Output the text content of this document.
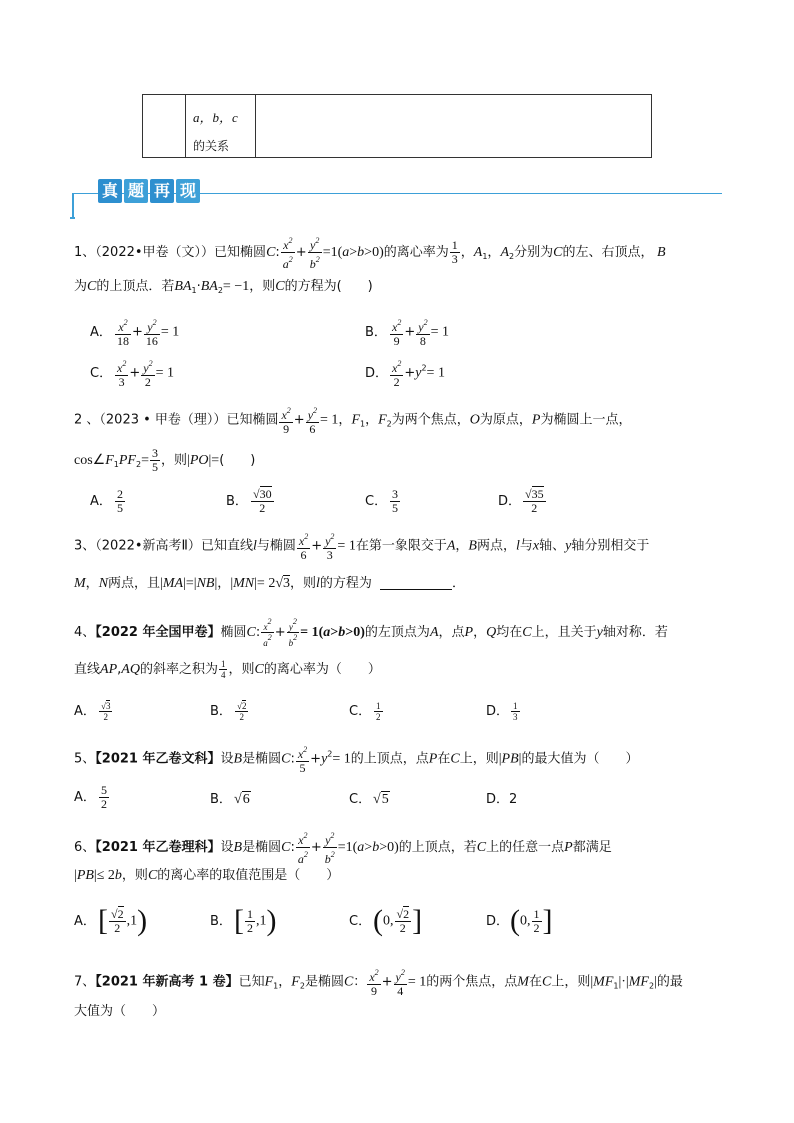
a，b，c
的关系
真 题 再 现
1、（2022•甲卷（文））已知椭圆C: $\frac{x^2}{a^2} + \frac{y^2}{b^2} =1(a>b>0)$的离心率为 $\frac{1}{3}$ ，$A_1$，$A_2$分别为C的左、右顶点， B
为C的上顶点．若$BA_1\cdot BA_2= -1$，则C的方程为(　　)
A． $\frac{x^2}{18} + \frac{y^2}{16} = 1$	B． $\frac{x^2}{9} + \frac{y^2}{8} = 1$
C． $\frac{x^2}{3} + \frac{y^2}{2} = 1$	D． $\frac{x^2}{2} +y^2= 1$
2 、（2023 • 甲卷（理））已知椭圆 $\frac{x^2}{9} + \frac{y^2}{6} = 1$，$F_1$，$F_2$为两个焦点，O为原点，P为椭圆上一点，
$\cos\angle F_1PF_2= \frac{3}{5}$ ，则|PO|=(　　)
A． $\frac{2}{5}$	B． $\frac{√30}{2}$	C． $\frac{3}{5}$	D． $\frac{√35}{2}$
3、（2022•新高考Ⅱ）已知直线l与椭圆 $\frac{x^2}{6} + \frac{y^2}{3} = 1$在第一象限交于A，B两点，l与x轴、y轴分别相交于
M，N两点，且|MA|=|NB|，|MN|= 2√3，则l的方程为	．
4、【2022 年全国甲卷】椭圆C: $\frac{x^2}{a^2} + \frac{y^2}{b^2} = 1(a>b>0)$的左顶点为A，点P，Q均在C上，且关于y轴对称．若
直线AP,AQ的斜率之积为 $\frac{1}{4}$ ，则C的离心率为（　　）
A． $\frac{√3}{2}$	B． $\frac{√2}{2}$	C． $\frac{1}{2}$	D． $\frac{1}{3}$
5、【2021 年乙卷文科】设B是椭圆C: $\frac{x^2}{5} +y^2= 1$的上顶点，点P在C上，则|PB|的最大值为（　　）
A． $\frac{5}{2}$	B． √6	C． √5	D．2
6、【2021 年乙卷理科】设B是椭圆C: $\frac{x^2}{a^2} + \frac{y^2}{b^2} =1(a>b>0)$的上顶点，若C上的任意一点P都满足
|PB|≤ 2b，则C的离心率的取值范围是（　　）
A．[ $\frac{√2}{2} ,1$)	B．[ $\frac{1}{2} ,1$)	C．(0, $\frac{√2}{2}$ ]	D．(0, $\frac{1}{2}$ ]
7、【2021 年新高考 1 卷】已知$F_1$，$F_2$是椭圆C： $\frac{x^2}{9} + \frac{y^2}{4} = 1$的两个焦点，点M在C上，则$|MF_1|\cdot|MF_2|$的最
大值为（　　）
